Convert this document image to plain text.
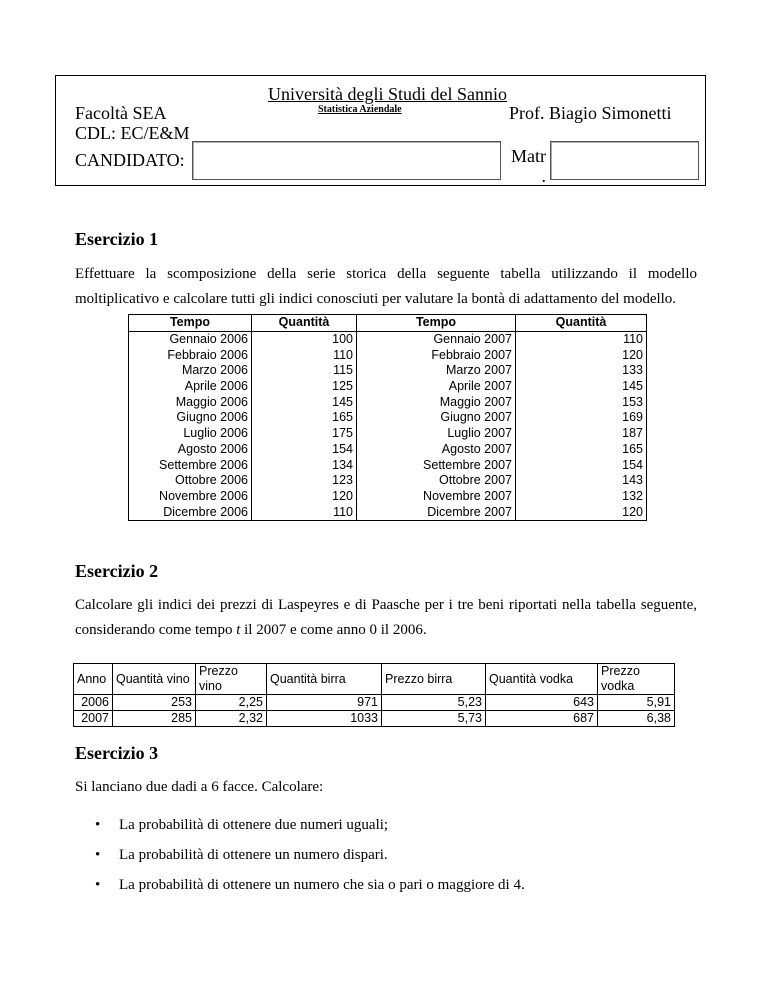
Università degli Studi del Sannio
Statistica Aziendale
Facoltà SEA
CDL: EC/E&M
Prof. Biagio Simonetti
CANDIDATO:	Matr
.
Esercizio 1
Effettuare la scomposizione della serie storica della seguente tabella utilizzando il modello moltiplicativo e calcolare tutti gli indici conosciuti per valutare la bontà di adattamento del modello.
Tempo	Quantità	Tempo	Quantità
Gennaio 2006	100	Gennaio 2007	110
Febbraio 2006	110	Febbraio 2007	120
Marzo 2006	115	Marzo 2007	133
Aprile 2006	125	Aprile 2007	145
Maggio 2006	145	Maggio 2007	153
Giugno 2006	165	Giugno 2007	169
Luglio 2006	175	Luglio 2007	187
Agosto 2006	154	Agosto 2007	165
Settembre 2006	134	Settembre 2007	154
Ottobre 2006	123	Ottobre 2007	143
Novembre 2006	120	Novembre 2007	132
Dicembre 2006	110	Dicembre 2007	120
Esercizio 2
Calcolare gli indici dei prezzi di Laspeyres e di Paasche per i tre beni riportati nella tabella seguente, considerando come tempo t il 2007 e come anno 0 il 2006.
Anno	Quantità vino	Prezzo vino	Quantità birra	Prezzo birra	Quantità vodka	Prezzo vodka
2006	253	2,25	971	5,23	643	5,91
2007	285	2,32	1033	5,73	687	6,38
Esercizio 3
Si lanciano due dadi a 6 facce. Calcolare:
• La probabilità di ottenere due numeri uguali;
• La probabilità di ottenere un numero dispari.
• La probabilità di ottenere un numero che sia o pari o maggiore di 4.
